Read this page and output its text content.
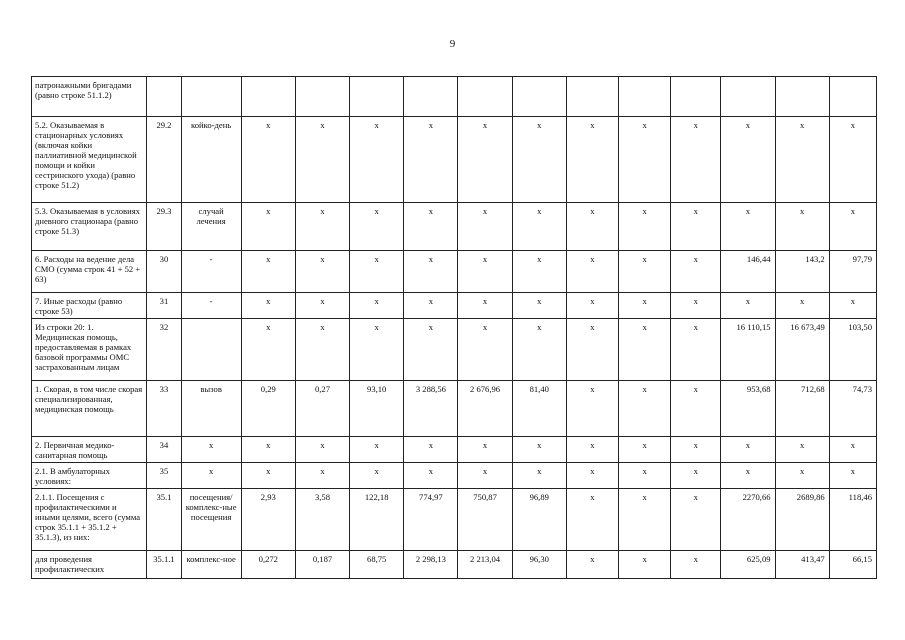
9
патронажными бригадами (равно строке 51.1.2)														
5.2. Оказываемая в стационарных условиях (включая койки паллиативной медицинской помощи и койки сестринского ухода) (равно строке 51.2)	29.2	койко-день	x	x	x	x	x	x	x	x	x	x	x	x
5.3. Оказываемая в условиях дневного стационара (равно строке 51.3)	29.3	случай лечения	x	x	x	x	x	x	x	x	x	x	x	x
6. Расходы на ведение дела СМО (сумма строк 41 + 52 + 63)	30	-	x	x	x	x	x	x	x	x	x	146,44	143,2	97,79
7. Иные расходы (равно строке 53)	31	-	x	x	x	x	x	x	x	x	x	x	x	x
Из строки 20: 1. Медицинская помощь, предоставляемая в рамках базовой программы ОМС застрахованным лицам	32		x	x	x	x	x	x	x	x	x	16 110,15	16 673,49	103,50
1. Скорая, в том числе скорая специализированная, медицинская помощь	33	вызов	0,29	0,27	93,10	3 288,56	2 676,96	81,40	x	x	x	953,68	712,68	74,73
2. Первичная медико-санитарная помощь	34	x	x	x	x	x	x	x	x	x	x	x	x	x
2.1. В амбулаторных условиях:	35	x	x	x	x	x	x	x	x	x	x	x	x	x
2.1.1. Посещения с профилактическими и иными целями, всего (сумма строк 35.1.1 + 35.1.2 + 35.1.3), из них:	35.1	посещения/ комплекс-ные посещения	2,93	3,58	122,18	774,97	750,87	96,89	x	x	x	2270,66	2689,86	118,46
для проведения профилактических	35.1.1	комплекс-ное	0,272	0,187	68,75	2 298,13	2 213,04	96,30	x	x	x	625,09	413,47	66,15
